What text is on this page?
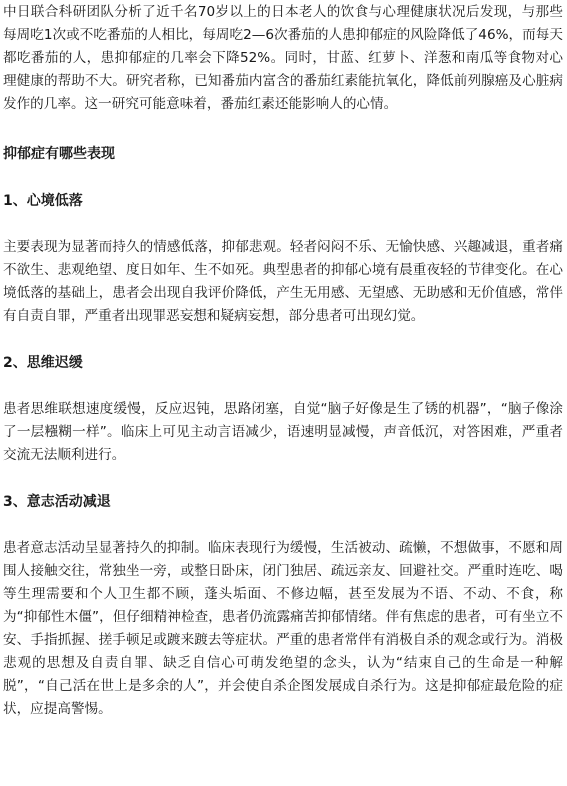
中日联合科研团队分析了近千名70岁以上的日本老人的饮食与心理健康状况后发现，与那些每周吃1次或不吃番茄的人相比，每周吃2—6次番茄的人患抑郁症的风险降低了46%，而每天都吃番茄的人，患抑郁症的几率会下降52%。同时，甘蓝、红萝卜、洋葱和南瓜等食物对心理健康的帮助不大。研究者称，已知番茄内富含的番茄红素能抗氧化，降低前列腺癌及心脏病发作的几率。这一研究可能意味着，番茄红素还能影响人的心情。

抑郁症有哪些表现
1、心境低落

主要表现为显著而持久的情感低落，抑郁悲观。轻者闷闷不乐、无愉快感、兴趣减退，重者痛不欲生、悲观绝望、度日如年、生不如死。典型患者的抑郁心境有晨重夜轻的节律变化。在心境低落的基础上，患者会出现自我评价降低，产生无用感、无望感、无助感和无价值感，常伴有自责自罪，严重者出现罪恶妄想和疑病妄想，部分患者可出现幻觉。

2、思维迟缓

患者思维联想速度缓慢，反应迟钝，思路闭塞，自觉“脑子好像是生了锈的机器”，“脑子像涂了一层糨糊一样”。临床上可见主动言语减少，语速明显减慢，声音低沉，对答困难，严重者交流无法顺利进行。

3、意志活动减退

患者意志活动呈显著持久的抑制。临床表现行为缓慢，生活被动、疏懒，不想做事，不愿和周围人接触交往，常独坐一旁，或整日卧床，闭门独居、疏远亲友、回避社交。严重时连吃、喝等生理需要和个人卫生都不顾，蓬头垢面、不修边幅，甚至发展为不语、不动、不食，称为“抑郁性木僵”，但仔细精神检查，患者仍流露痛苦抑郁情绪。伴有焦虑的患者，可有坐立不安、手指抓握、搓手顿足或踱来踱去等症状。严重的患者常伴有消极自杀的观念或行为。消极悲观的思想及自责自罪、缺乏自信心可萌发绝望的念头，认为“结束自己的生命是一种解脱”，“自己活在世上是多余的人”，并会使自杀企图发展成自杀行为。这是抑郁症最危险的症状，应提高警惕。
